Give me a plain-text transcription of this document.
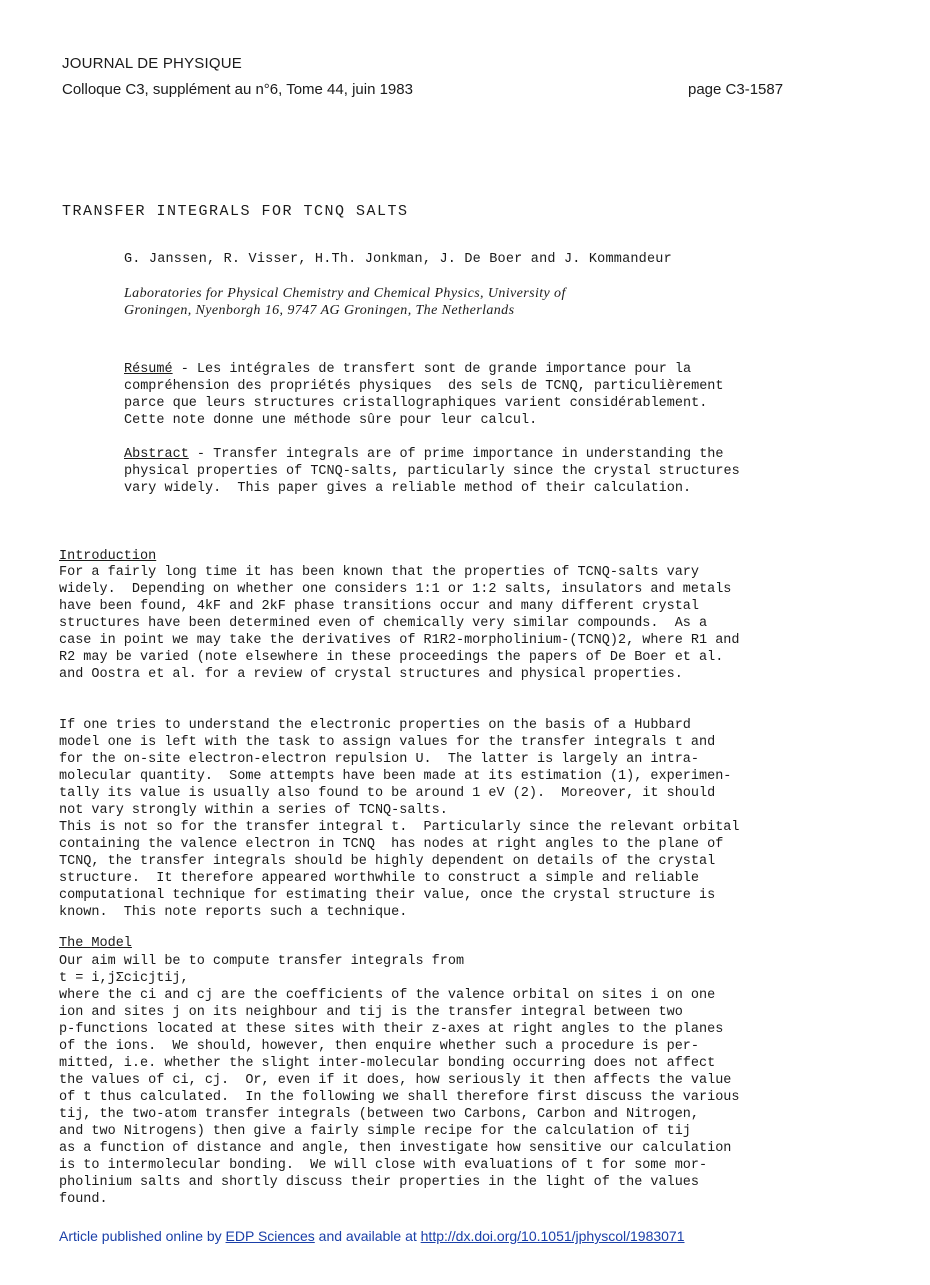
JOURNAL DE PHYSIQUE
Colloque C3, supplément au n°6, Tome 44, juin 1983	page C3-1587
TRANSFER INTEGRALS FOR TCNQ SALTS
G. Janssen, R. Visser, H.Th. Jonkman, J. De Boer and J. Kommandeur
Laboratories for Physical Chemistry and Chemical Physics, University of
Groningen, Nyenborgh 16, 9747 AG Groningen, The Netherlands
Résumé - Les intégrales de transfert sont de grande importance pour la
compréhension des propriétés physiques  des sels de TCNQ, particulièrement
parce que leurs structures cristallographiques varient considérablement.
Cette note donne une méthode sûre pour leur calcul.
Abstract - Transfer integrals are of prime importance in understanding the
physical properties of TCNQ-salts, particularly since the crystal structures
vary widely.  This paper gives a reliable method of their calculation.
Introduction
For a fairly long time it has been known that the properties of TCNQ-salts vary
widely.  Depending on whether one considers 1:1 or 1:2 salts, insulators and metals
have been found, 4kF and 2kF phase transitions occur and many different crystal
structures have been determined even of chemically very similar compounds.  As a
case in point we may take the derivatives of R1R2-morpholinium-(TCNQ)2, where R1 and
R2 may be varied (note elsewhere in these proceedings the papers of De Boer et al.
and Oostra et al. for a review of crystal structures and physical properties.
If one tries to understand the electronic properties on the basis of a Hubbard
model one is left with the task to assign values for the transfer integrals t and
for the on-site electron-electron repulsion U.  The latter is largely an intra-
molecular quantity.  Some attempts have been made at its estimation (1), experimen-
tally its value is usually also found to be around 1 eV (2).  Moreover, it should
not vary strongly within a series of TCNQ-salts.
This is not so for the transfer integral t.  Particularly since the relevant orbital
containing the valence electron in TCNQ  has nodes at right angles to the plane of
TCNQ, the transfer integrals should be highly dependent on details of the crystal
structure.  It therefore appeared worthwhile to construct a simple and reliable
computational technique for estimating their value, once the crystal structure is
known.  This note reports such a technique.
The Model
Our aim will be to compute transfer integrals from
t = i,jΣcicjtij,
where the ci and cj are the coefficients of the valence orbital on sites i on one
ion and sites j on its neighbour and tij is the transfer integral between two
p-functions located at these sites with their z-axes at right angles to the planes
of the ions.  We should, however, then enquire whether such a procedure is per-
mitted, i.e. whether the slight inter-molecular bonding occurring does not affect
the values of ci, cj.  Or, even if it does, how seriously it then affects the value
of t thus calculated.  In the following we shall therefore first discuss the various
tij, the two-atom transfer integrals (between two Carbons, Carbon and Nitrogen,
and two Nitrogens) then give a fairly simple recipe for the calculation of tij
as a function of distance and angle, then investigate how sensitive our calculation
is to intermolecular bonding.  We will close with evaluations of t for some mor-
pholinium salts and shortly discuss their properties in the light of the values
found.
Article published online by EDP Sciences and available at http://dx.doi.org/10.1051/jphyscol/1983071
